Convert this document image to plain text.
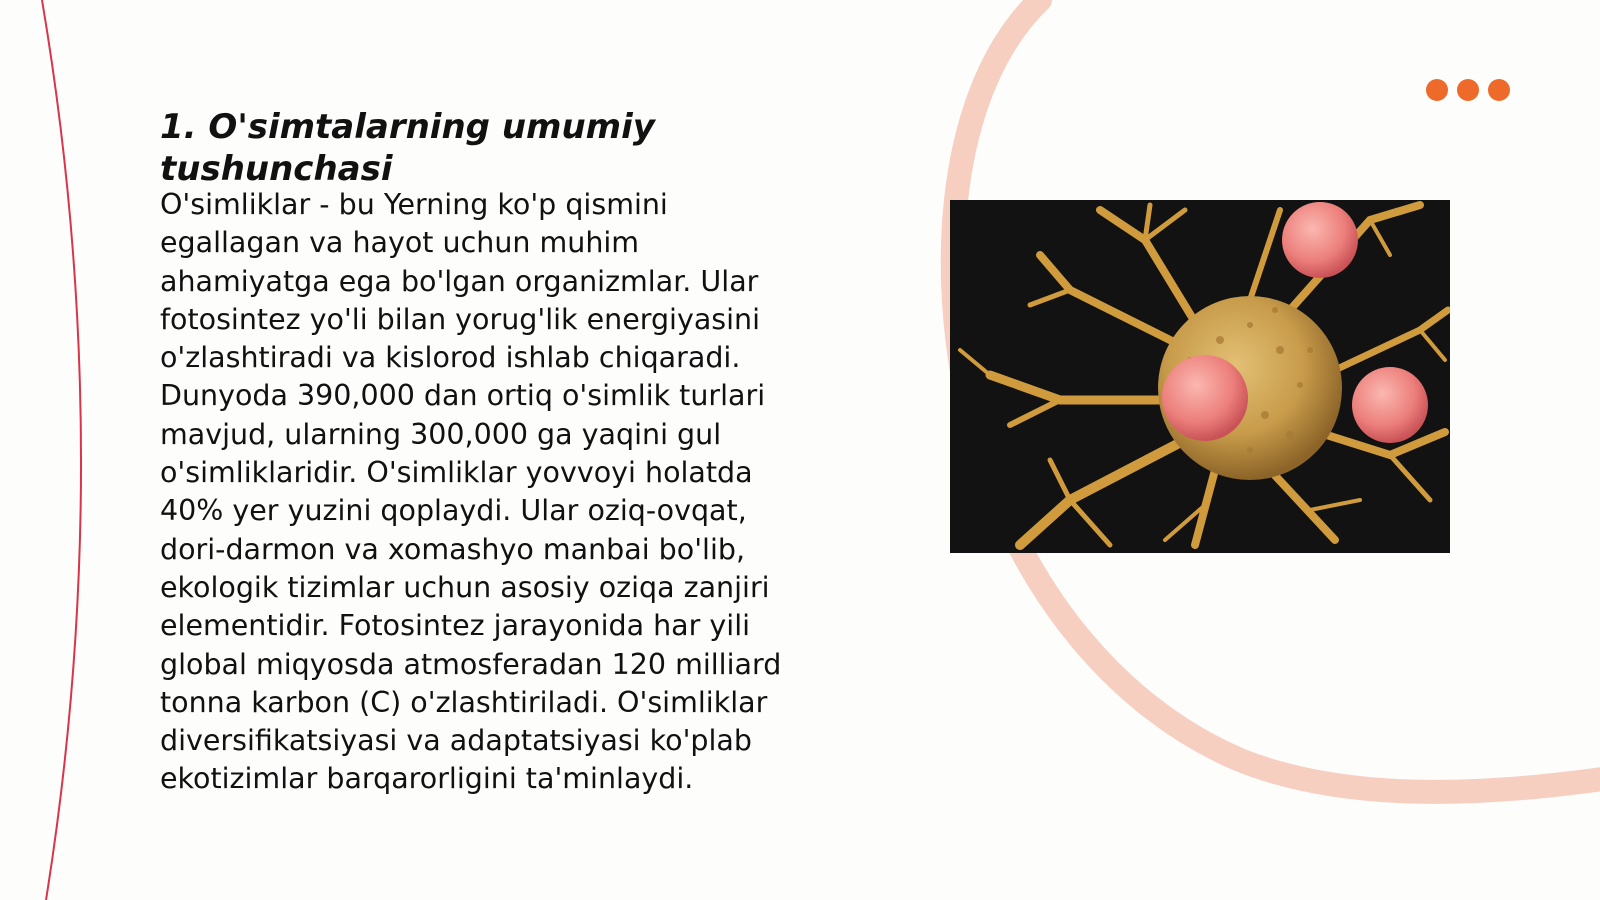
1. O'simtalarning umumiy tushunchasi

O'simliklar - bu Yerning ko'p qismini
egallagan va hayot uchun muhim
ahamiyatga ega bo'lgan organizmlar. Ular
fotosintez yo'li bilan yorug'lik energiyasini
o'zlashtiradi va kislorod ishlab chiqaradi.
Dunyoda 390,000 dan ortiq o'simlik turlari
mavjud, ularning 300,000 ga yaqini gul
o'simliklaridir. O'simliklar yovvoyi holatda
40% yer yuzini qoplaydi. Ular oziq-ovqat,
dori-darmon va xomashyo manbai bo'lib,
ekologik tizimlar uchun asosiy oziqa zanjiri
elementidir. Fotosintez jarayonida har yili
global miqyosda atmosferadan 120 milliard
tonna karbon (C) o'zlashtiriladi. O'simliklar
diversifikatsiyasi va adaptatsiyasi ko'plab
ekotizimlar barqarorligini ta'minlaydi.
